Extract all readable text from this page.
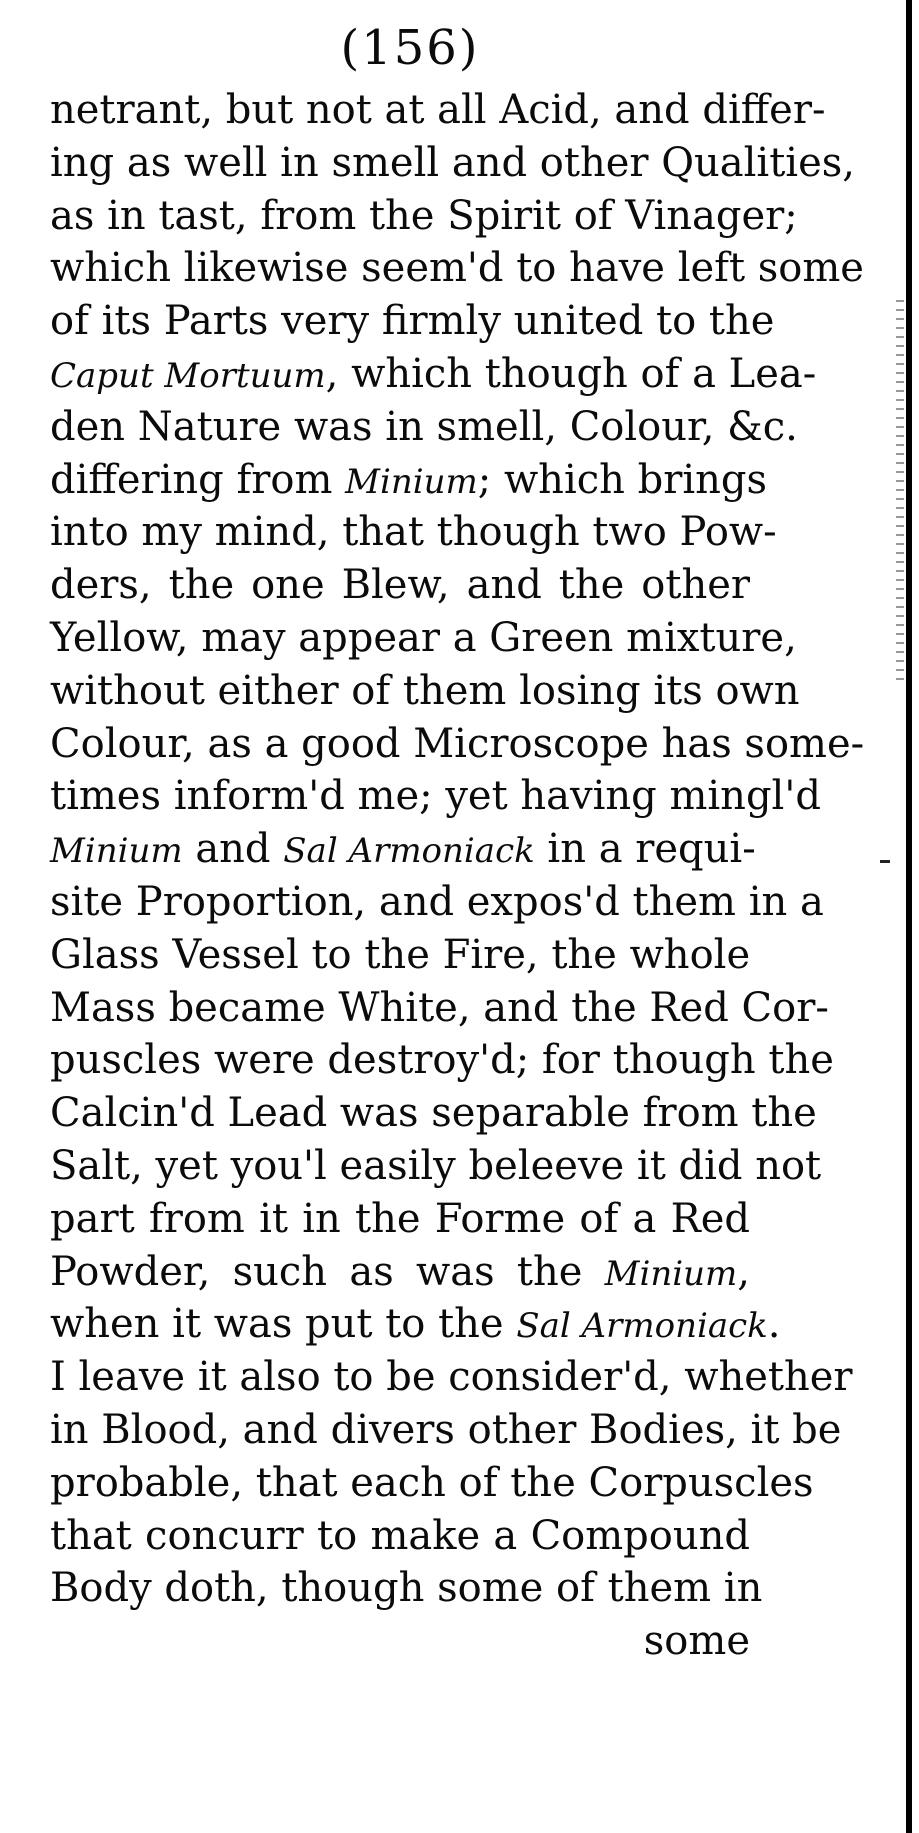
(156)
netrant, but not at all Acid, and differ-
ing as well in smell and other Qualities,
as in tast, from the Spirit of Vinager;
which likewise seem'd to have left some
of its Parts very firmly united to the
Caput Mortuum, which though of a Lea-
den Nature was in smell, Colour, &c.
differing from Minium; which brings
into my mind, that though two Pow-
ders, the one Blew, and the other
Yellow, may appear a Green mixture,
without either of them losing its own
Colour, as a good Microscope has some-
times inform'd me; yet having mingl'd
Minium and Sal Armoniack in a requi-
site Proportion, and expos'd them in a
Glass Vessel to the Fire, the whole
Mass became White, and the Red Cor-
puscles were destroy'd; for though the
Calcin'd Lead was separable from the
Salt, yet you'l easily beleeve it did not
part from it in the Forme of a Red
Powder, such as was the Minium,
when it was put to the Sal Armoniack.
I leave it also to be consider'd, whether
in Blood, and divers other Bodies, it be
probable, that each of the Corpuscles
that concurr to make a Compound
Body doth, though some of them in
some
